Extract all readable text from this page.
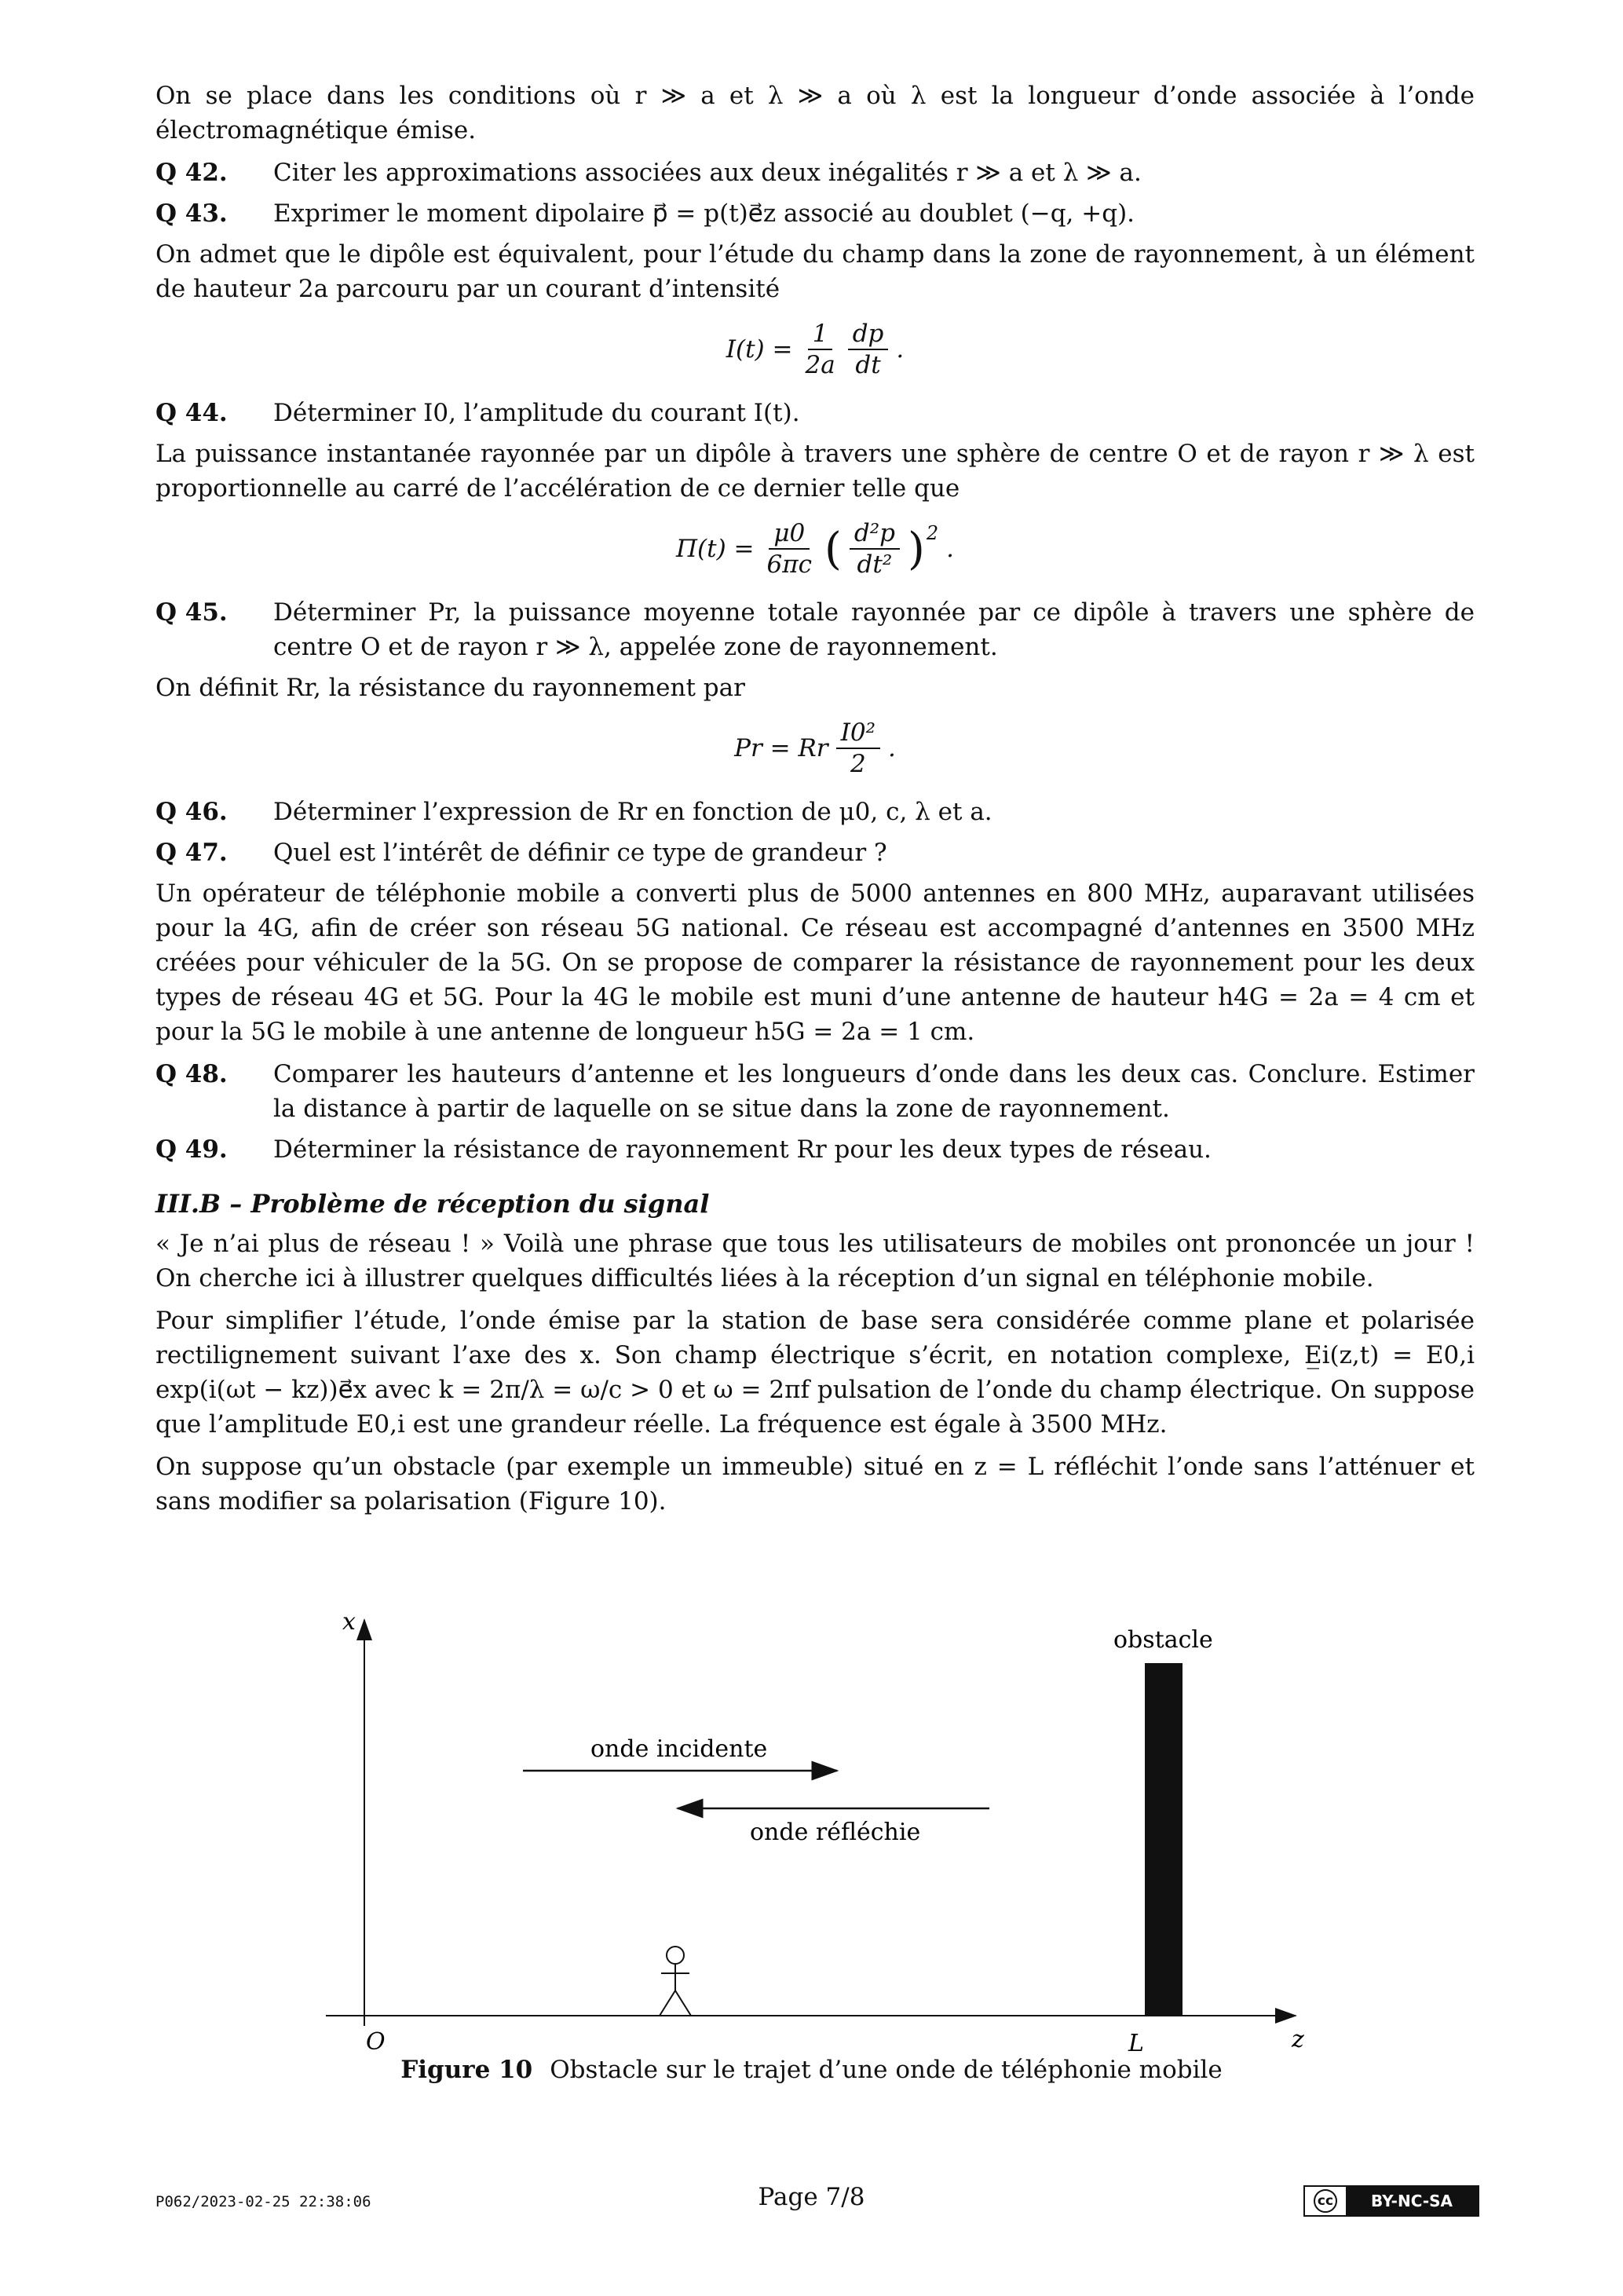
On se place dans les conditions où r ≫ a et λ ≫ a où λ est la longueur d’onde associée à l’onde électromagnétique émise.

Q 42.	Citer les approximations associées aux deux inégalités r ≫ a et λ ≫ a.
Q 43.	Exprimer le moment dipolaire p⃗ = p(t)e⃗z associé au doublet (−q, +q).

On admet que le dipôle est équivalent, pour l’étude du champ dans la zone de rayonnement, à un élément de hauteur 2a parcouru par un courant d’intensité

$I(t) = \frac{1}{2a} \frac{dp}{dt}$ .
Q 44.	Déterminer I0, l’amplitude du courant I(t).

La puissance instantanée rayonnée par un dipôle à travers une sphère de centre O et de rayon r ≫ λ est proportionnelle au carré de l’accélération de ce dernier telle que

$\Pi(t) = \frac{\mu 0}{6\pi c}$ ( $\frac{\text{d²p}}{\text{dt²}} )^2$
.
Q 45.	Déterminer Pr, la puissance moyenne totale rayonnée par ce dipôle à travers une sphère de centre O et de rayon r ≫ λ, appelée zone de rayonnement.

On définit Rr, la résistance du rayonnement par

Pr = Rr $\frac{\text{I0²}}{2}$ .
Q 46.	Déterminer l’expression de Rr en fonction de μ0, c, λ et a.
Q 47.	Quel est l’intérêt de définir ce type de grandeur ?

Un opérateur de téléphonie mobile a converti plus de 5000 antennes en 800 MHz, auparavant utilisées pour la 4G, afin de créer son réseau 5G national. Ce réseau est accompagné d’antennes en 3500 MHz créées pour véhiculer de la 5G. On se propose de comparer la résistance de rayonnement pour les deux types de réseau 4G et 5G. Pour la 4G le mobile est muni d’une antenne de hauteur h4G = 2a = 4 cm et pour la 5G le mobile à une antenne de longueur h5G = 2a = 1 cm.

Q 48.	Comparer les hauteurs d’antenne et les longueurs d’onde dans les deux cas. Conclure. Estimer la distance à partir de laquelle on se situe dans la zone de rayonnement.
Q 49.	Déterminer la résistance de rayonnement Rr pour les deux types de réseau.
III.B – Problème de réception du signal

« Je n’ai plus de réseau ! » Voilà une phrase que tous les utilisateurs de mobiles ont prononcée un jour ! On cherche ici à illustrer quelques difficultés liées à la réception d’un signal en téléphonie mobile.

Pour simplifier l’étude, l’onde émise par la station de base sera considérée comme plane et polarisée rectilignement suivant l’axe des x. Son champ électrique s’écrit, en notation complexe, E̲i(z,t) = E0,i exp(i(ωt − kz))e⃗x avec k = 2π/λ = ω/c > 0 et ω = 2πf pulsation de l’onde du champ électrique. On suppose que l’amplitude E0,i est une grandeur réelle. La fréquence est égale à 3500 MHz.

On suppose qu’un obstacle (par exemple un immeuble) situé en z = L réfléchit l’onde sans l’atténuer et sans modifier sa polarisation (Figure 10).

x
z
O	L
obstacle
onde incidente
onde réfléchie
Figure 10 Obstacle sur le trajet d’une onde de téléphonie mobile
P062/2023-02-25 22:38:06	Page 7/8	cc	BY-NC-SA
